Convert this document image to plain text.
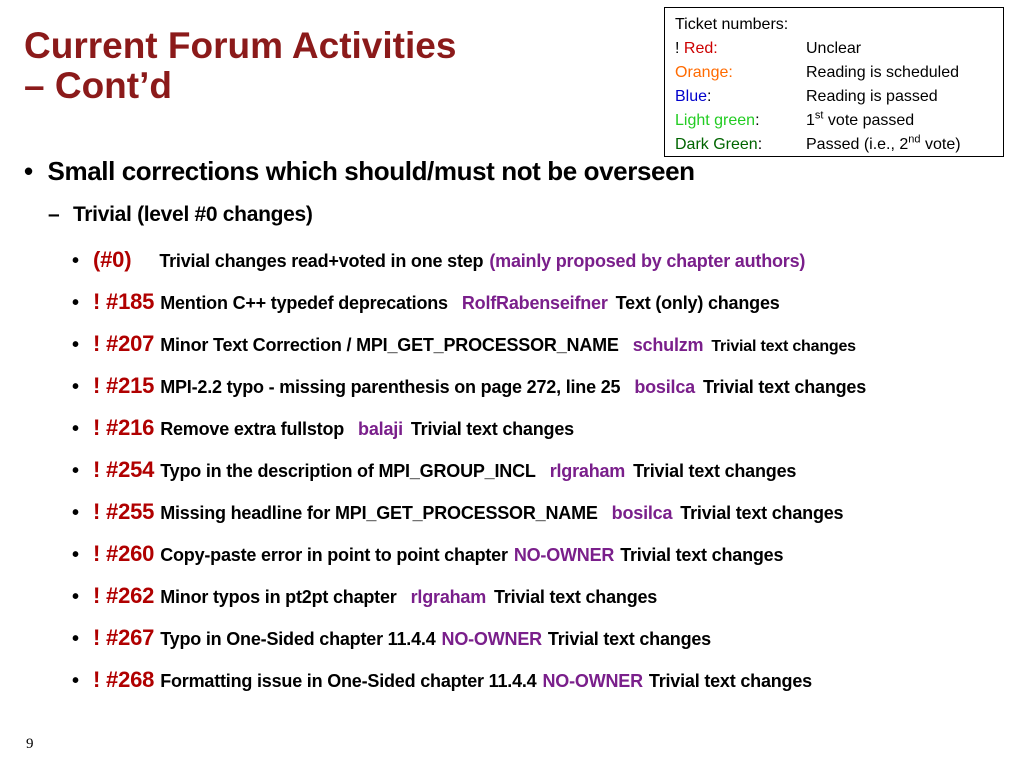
Current Forum Activities
– Cont’d
Ticket numbers:
! Red:	Unclear
Orange:	Reading is scheduled
Blue:	Reading is passed
Light green:	1st vote passed
Dark Green:	Passed (i.e., 2nd vote)
• Small corrections which should/must not be overseen
– Trivial (level #0 changes)
• (#0) Trivial changes read+voted in one step (mainly proposed by chapter authors)
• ! #185 Mention C++ typedef deprecations RolfRabenseifner Text (only) changes
• ! #207 Minor Text Correction / MPI_GET_PROCESSOR_NAME schulzm Trivial text changes
• ! #215 MPI-2.2 typo - missing parenthesis on page 272, line 25 bosilca Trivial text changes
• ! #216 Remove extra fullstop balaji Trivial text changes
• ! #254 Typo in the description of MPI_GROUP_INCL rlgraham Trivial text changes
• ! #255 Missing headline for MPI_GET_PROCESSOR_NAME bosilca Trivial text changes
• ! #260 Copy-paste error in point to point chapter NO-OWNER Trivial text changes
• ! #262 Minor typos in pt2pt chapter rlgraham Trivial text changes
• ! #267 Typo in One-Sided chapter 11.4.4 NO-OWNER Trivial text changes
• ! #268 Formatting issue in One-Sided chapter 11.4.4 NO-OWNER Trivial text changes
9
